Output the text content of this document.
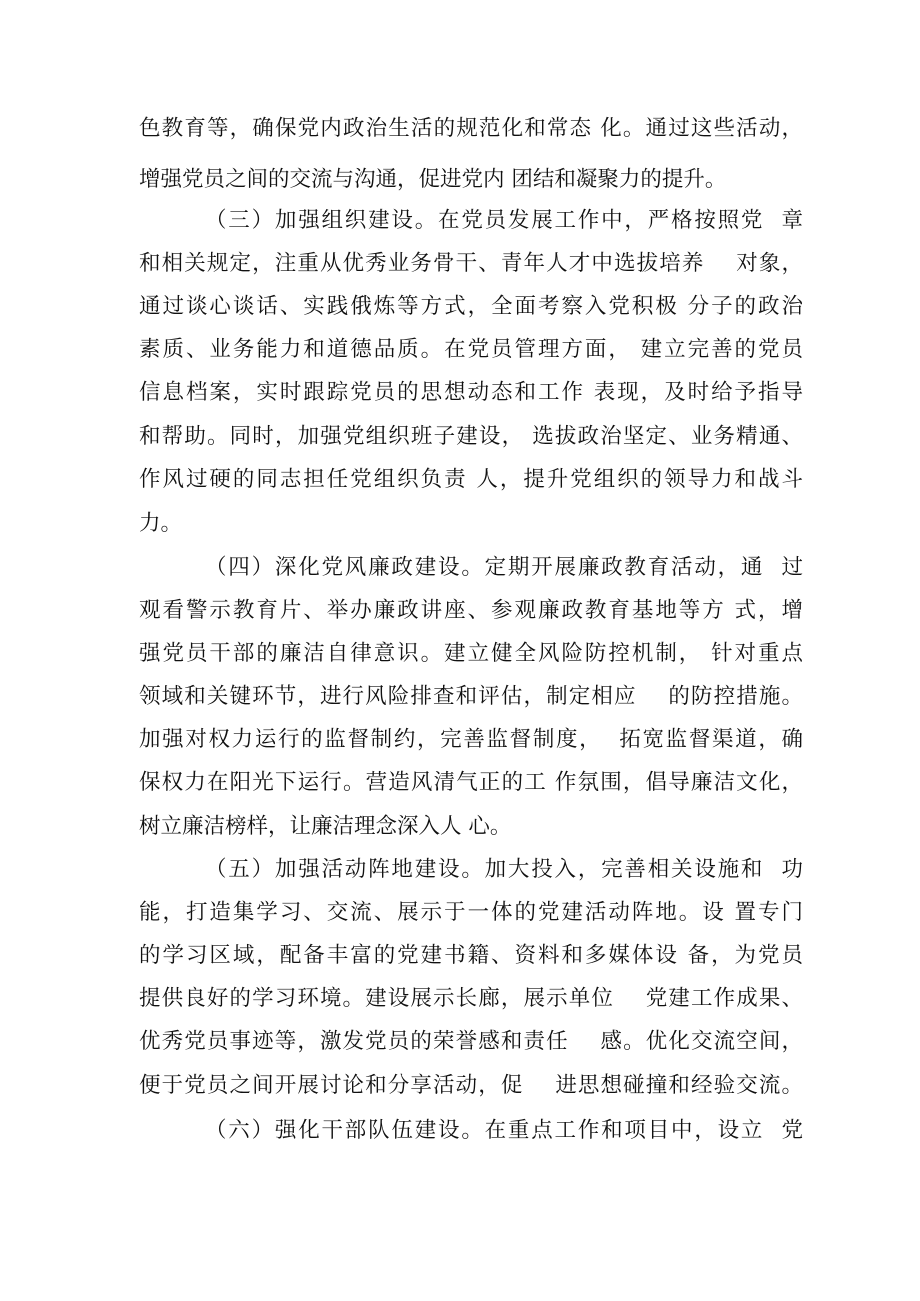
色教育等，确保党内政治生活的规范化和常态 化。通过这些活动，
增强党员之间的交流与沟通，促进党内 团结和凝聚力的提升。
（三）加强组织建设。在党员发展工作中，严格按照党  章
和相关规定，注重从优秀业务骨干、青年人才中选拔培养    对象，
通过谈心谈话、实践俄炼等方式，全面考察入党积极 分子的政治
素质、业务能力和道德品质。在党员管理方面， 建立完善的党员
信息档案，实时跟踪党员的思想动态和工作 表现，及时给予指导
和帮助。同时，加强党组织班子建设， 选拔政治坚定、业务精通、
作风过硬的同志担任党组织负责 人，提升党组织的领导力和战斗
力。
（四）深化党风廉政建设。定期开展廉政教育活动，通  过
观看警示教育片、举办廉政讲座、参观廉政教育基地等方 式，增
强党员干部的廉洁自律意识。建立健全风险防控机制， 针对重点
领域和关键环节，进行风险排查和评估，制定相应    的防控措施。
加强对权力运行的监督制约，完善监督制度，  拓宽监督渠道，确
保权力在阳光下运行。营造风清气正的工 作氛围，倡导廉洁文化，
树立廉洁榜样，让廉洁理念深入人 心。
（五）加强活动阵地建设。加大投入，完善相关设施和  功
能，打造集学习、交流、展示于一体的党建活动阵地。设 置专门
的学习区域，配备丰富的党建书籍、资料和多媒体设 备，为党员
提供良好的学习环境。建设展示长廊，展示单位    党建工作成果、
优秀党员事迹等，激发党员的荣誉感和责任    感。优化交流空间，
便于党员之间开展讨论和分享活动，促    进思想碰撞和经验交流。
（六）强化干部队伍建设。在重点工作和项目中，设立  党
